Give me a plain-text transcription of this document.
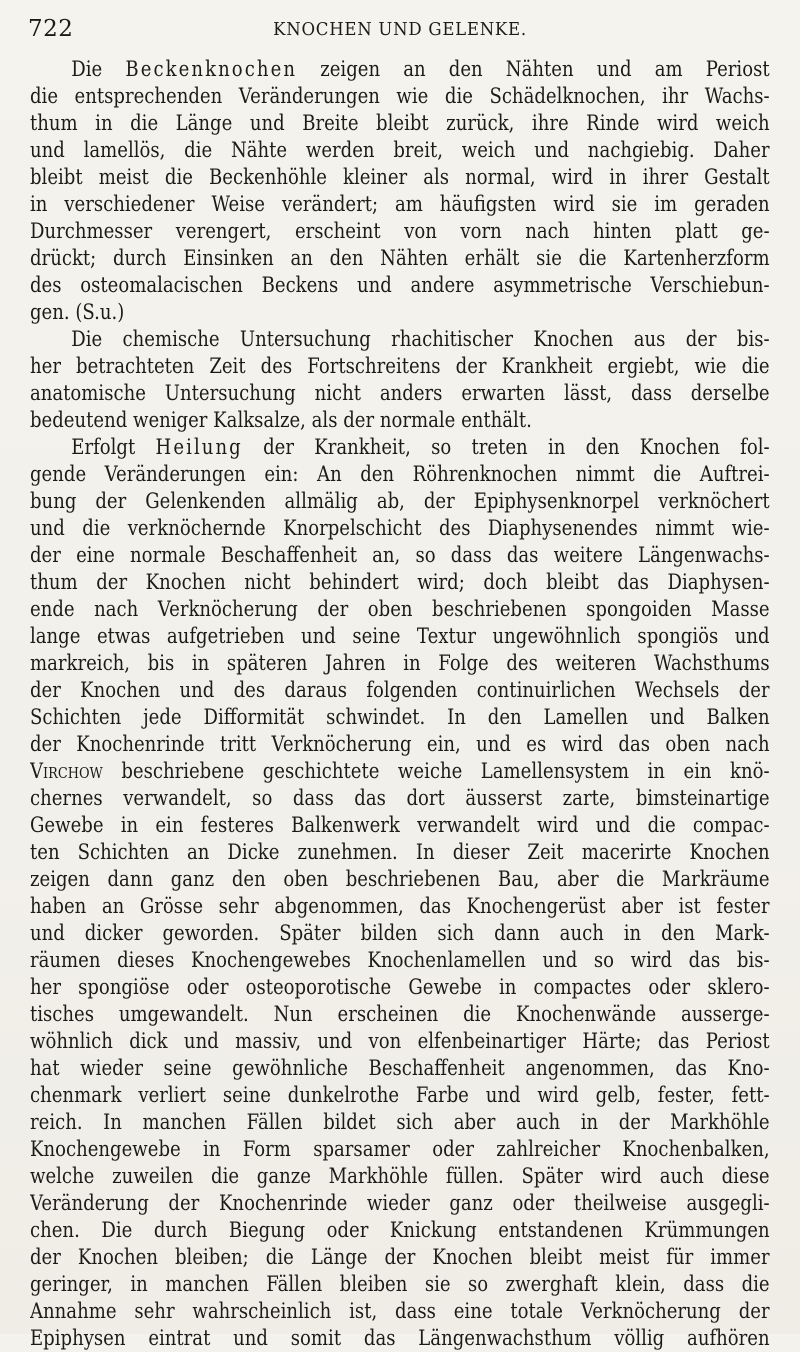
722	KNOCHEN UND GELENKE.
Die Beckenknochen zeigen an den Nähten und am Periost
die entsprechenden Veränderungen wie die Schädelknochen, ihr Wachs-
thum in die Länge und Breite bleibt zurück, ihre Rinde wird weich
und lamellös, die Nähte werden breit, weich und nachgiebig. Daher
bleibt meist die Beckenhöhle kleiner als normal, wird in ihrer Gestalt
in verschiedener Weise verändert; am häufigsten wird sie im geraden
Durchmesser verengert, erscheint von vorn nach hinten platt ge-
drückt; durch Einsinken an den Nähten erhält sie die Kartenherzform
des osteomalacischen Beckens und andere asymmetrische Verschiebun-
gen. (S.u.)
Die chemische Untersuchung rhachitischer Knochen aus der bis-
her betrachteten Zeit des Fortschreitens der Krankheit ergiebt, wie die
anatomische Untersuchung nicht anders erwarten lässt, dass derselbe
bedeutend weniger Kalksalze, als der normale enthält.
Erfolgt Heilung der Krankheit, so treten in den Knochen fol-
gende Veränderungen ein: An den Röhrenknochen nimmt die Auftrei-
bung der Gelenkenden allmälig ab, der Epiphysenknorpel verknöchert
und die verknöchernde Knorpelschicht des Diaphysenendes nimmt wie-
der eine normale Beschaffenheit an, so dass das weitere Längenwachs-
thum der Knochen nicht behindert wird; doch bleibt das Diaphysen-
ende nach Verknöcherung der oben beschriebenen spongoiden Masse
lange etwas aufgetrieben und seine Textur ungewöhnlich spongiös und
markreich, bis in späteren Jahren in Folge des weiteren Wachsthums
der Knochen und des daraus folgenden continuirlichen Wechsels der
Schichten jede Difformität schwindet. In den Lamellen und Balken
der Knochenrinde tritt Verknöcherung ein, und es wird das oben nach
Virchow beschriebene geschichtete weiche Lamellensystem in ein knö-
chernes verwandelt, so dass das dort äusserst zarte, bimsteinartige
Gewebe in ein festeres Balkenwerk verwandelt wird und die compac-
ten Schichten an Dicke zunehmen. In dieser Zeit macerirte Knochen
zeigen dann ganz den oben beschriebenen Bau, aber die Markräume
haben an Grösse sehr abgenommen, das Knochengerüst aber ist fester
und dicker geworden. Später bilden sich dann auch in den Mark-
räumen dieses Knochengewebes Knochenlamellen und so wird das bis-
her spongiöse oder osteoporotische Gewebe in compactes oder sklero-
tisches umgewandelt. Nun erscheinen die Knochenwände ausserge-
wöhnlich dick und massiv, und von elfenbeinartiger Härte; das Periost
hat wieder seine gewöhnliche Beschaffenheit angenommen, das Kno-
chenmark verliert seine dunkelrothe Farbe und wird gelb, fester, fett-
reich. In manchen Fällen bildet sich aber auch in der Markhöhle
Knochengewebe in Form sparsamer oder zahlreicher Knochenbalken,
welche zuweilen die ganze Markhöhle füllen. Später wird auch diese
Veränderung der Knochenrinde wieder ganz oder theilweise ausgegli-
chen. Die durch Biegung oder Knickung entstandenen Krümmungen
der Knochen bleiben; die Länge der Knochen bleibt meist für immer
geringer, in manchen Fällen bleiben sie so zwerghaft klein, dass die
Annahme sehr wahrscheinlich ist, dass eine totale Verknöcherung der
Epiphysen eintrat und somit das Längenwachsthum völlig aufhören
